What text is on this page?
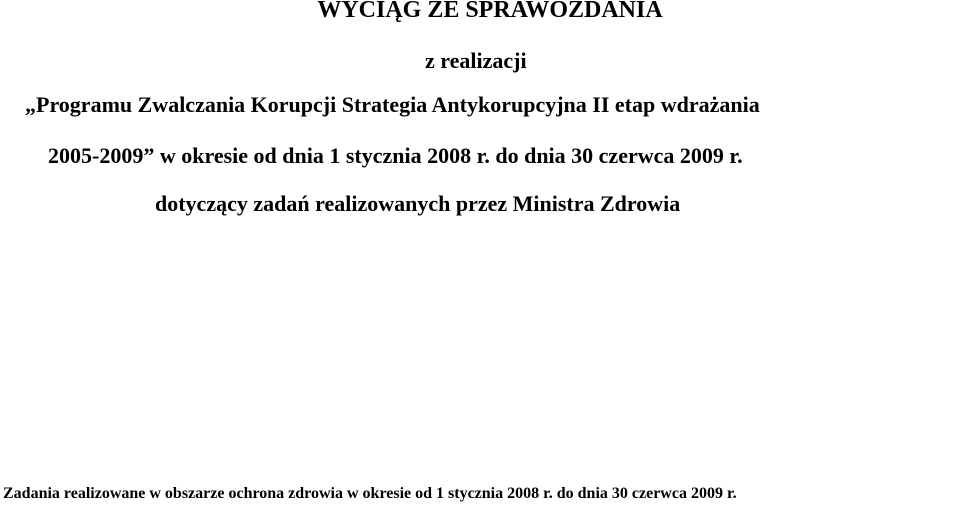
WYCIĄG ZE SPRAWOZDANIA
z realizacji
„Programu Zwalczania Korupcji Strategia Antykorupcyjna II etap wdrażania
2005-2009” w okresie od dnia 1 stycznia 2008 r. do dnia 30 czerwca 2009 r.
dotyczący zadań realizowanych przez Ministra Zdrowia
Zadania realizowane w obszarze ochrona zdrowia w okresie od 1 stycznia 2008 r. do dnia 30 czerwca 2009 r.
